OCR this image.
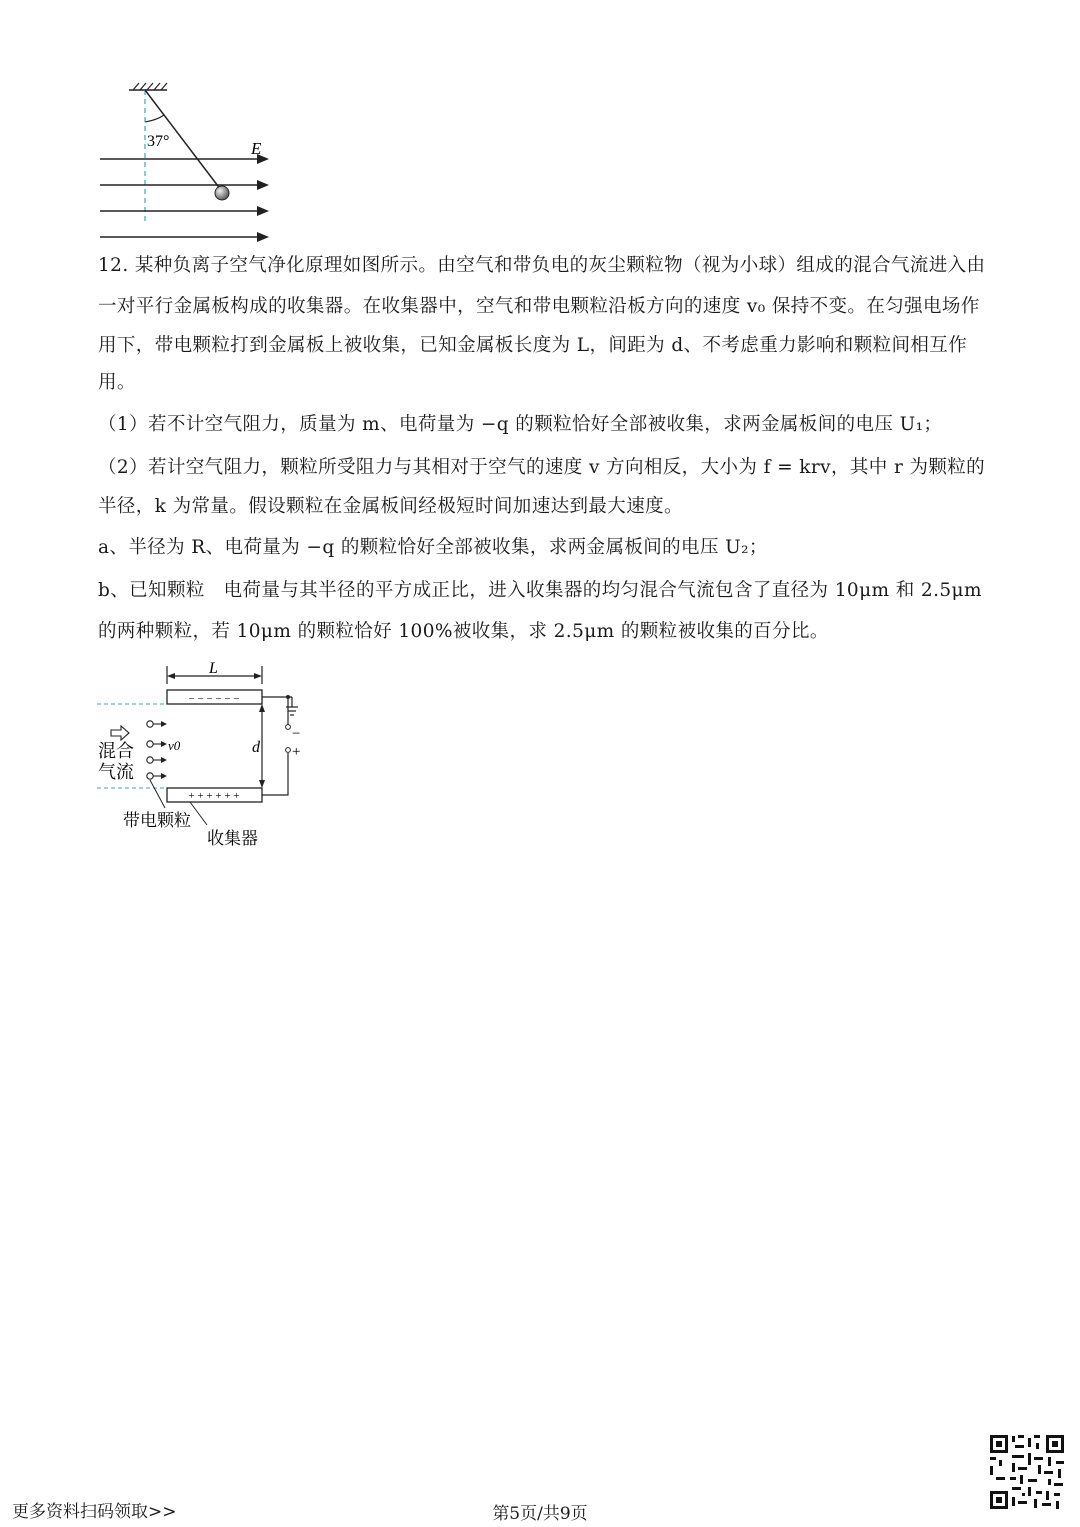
37°	E

12. 某种负离子空气净化原理如图所示。由空气和带负电的灰尘颗粒物（视为小球）组成的混合气流进入由

一对平行金属板构成的收集器。在收集器中，空气和带电颗粒沿板方向的速度 v₀ 保持不变。在匀强电场作

用下，带电颗粒打到金属板上被收集，已知金属板长度为 L，间距为 d、不考虑重力影响和颗粒间相互作

用。

（1）若不计空气阻力，质量为 m、电荷量为 −q 的颗粒恰好全部被收集，求两金属板间的电压 U₁；

（2）若计空气阻力，颗粒所受阻力与其相对于空气的速度 v 方向相反，大小为 f = krv，其中 r 为颗粒的

半径，k 为常量。假设颗粒在金属板间经极短时间加速达到最大速度。

a、半径为 R、电荷量为 −q 的颗粒恰好全部被收集，求两金属板间的电压 U₂；

b、已知颗粒　电荷量与其半径的平方成正比，进入收集器的均匀混合气流包含了直径为 10μm 和 2.5μm

的两种颗粒，若 10μm 的颗粒恰好 100%被收集，求 2.5μm 的颗粒被收集的百分比。

L
− − − − − −
+ + + + + +
v0
混合
气流
d
−
+
带电颗粒
收集器
更多资料扫码领取>>	第5页/共9页
